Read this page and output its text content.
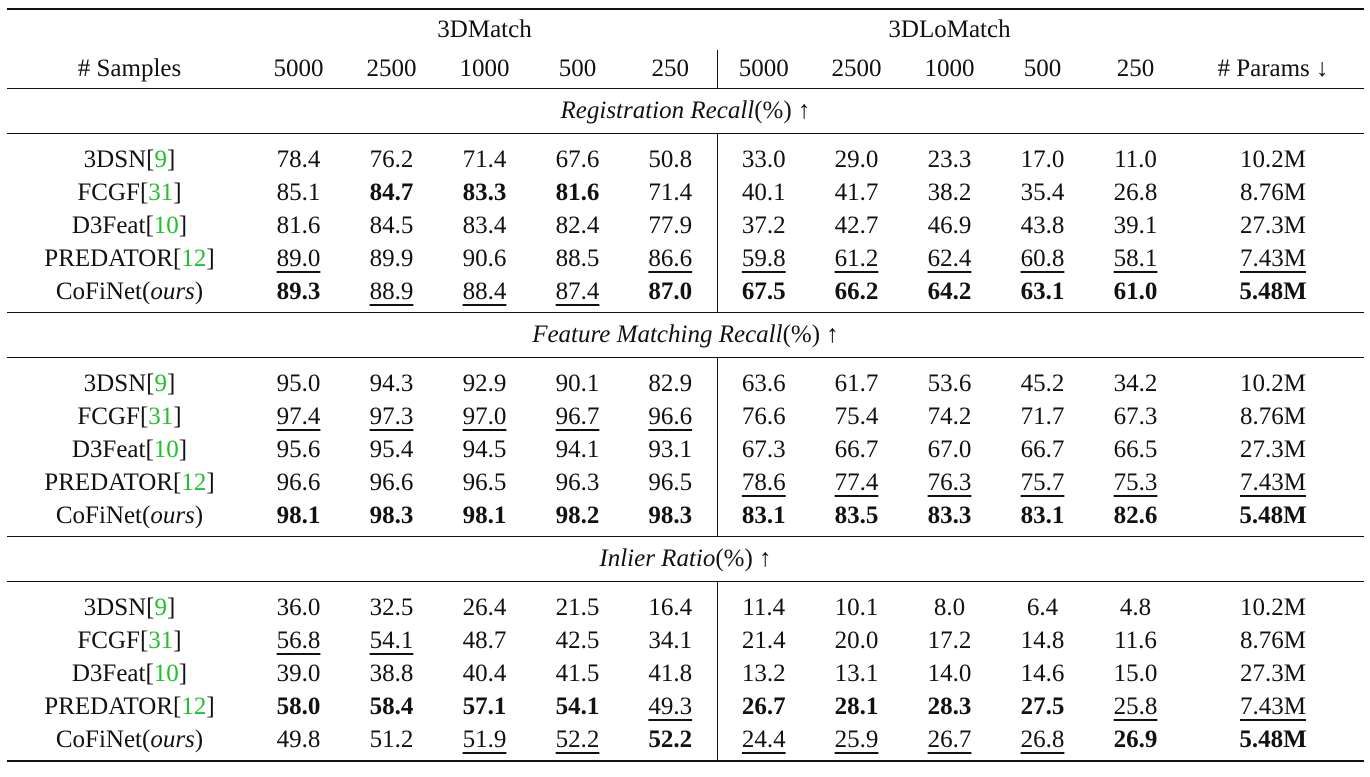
	3DMatch					3DLoMatch					
# Samples	5000	2500	1000	500	250	5000	2500	1000	500	250	# Params ↓
Registration Recall(%) ↑											
3DSN[9]	78.4	76.2	71.4	67.6	50.8	33.0	29.0	23.3	17.0	11.0	10.2M
FCGF[31]	85.1	84.7	83.3	81.6	71.4	40.1	41.7	38.2	35.4	26.8	8.76M
D3Feat[10]	81.6	84.5	83.4	82.4	77.9	37.2	42.7	46.9	43.8	39.1	27.3M
PREDATOR[12]	89.0	89.9	90.6	88.5	86.6	59.8	61.2	62.4	60.8	58.1	7.43M
CoFiNet(ours)	89.3	88.9	88.4	87.4	87.0	67.5	66.2	64.2	63.1	61.0	5.48M
Feature Matching Recall(%) ↑											
3DSN[9]	95.0	94.3	92.9	90.1	82.9	63.6	61.7	53.6	45.2	34.2	10.2M
FCGF[31]	97.4	97.3	97.0	96.7	96.6	76.6	75.4	74.2	71.7	67.3	8.76M
D3Feat[10]	95.6	95.4	94.5	94.1	93.1	67.3	66.7	67.0	66.7	66.5	27.3M
PREDATOR[12]	96.6	96.6	96.5	96.3	96.5	78.6	77.4	76.3	75.7	75.3	7.43M
CoFiNet(ours)	98.1	98.3	98.1	98.2	98.3	83.1	83.5	83.3	83.1	82.6	5.48M
Inlier Ratio(%) ↑											
3DSN[9]	36.0	32.5	26.4	21.5	16.4	11.4	10.1	8.0	6.4	4.8	10.2M
FCGF[31]	56.8	54.1	48.7	42.5	34.1	21.4	20.0	17.2	14.8	11.6	8.76M
D3Feat[10]	39.0	38.8	40.4	41.5	41.8	13.2	13.1	14.0	14.6	15.0	27.3M
PREDATOR[12]	58.0	58.4	57.1	54.1	49.3	26.7	28.1	28.3	27.5	25.8	7.43M
CoFiNet(ours)	49.8	51.2	51.9	52.2	52.2	24.4	25.9	26.7	26.8	26.9	5.48M
